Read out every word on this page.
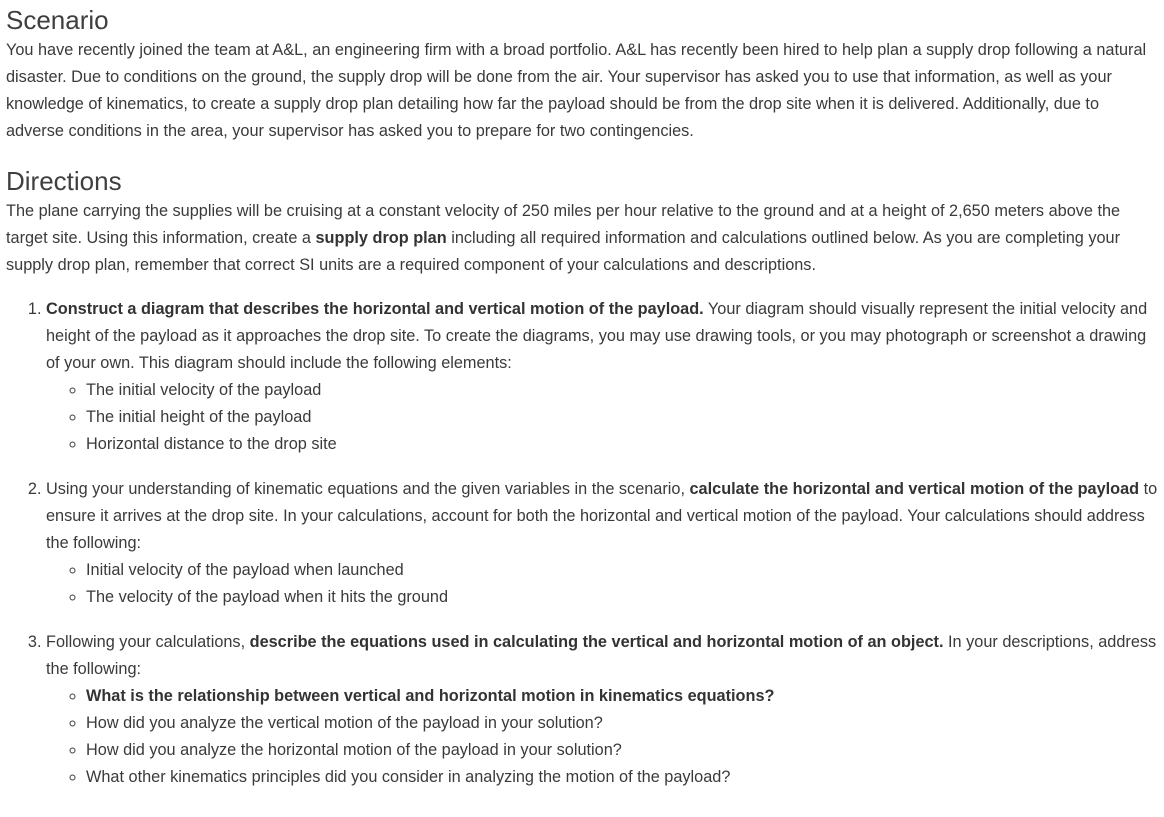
Scenario

You have recently joined the team at A&L, an engineering firm with a broad portfolio. A&L has recently been hired to help plan a supply drop following a natural disaster. Due to conditions on the ground, the supply drop will be done from the air. Your supervisor has asked you to use that information, as well as your knowledge of kinematics, to create a supply drop plan detailing how far the payload should be from the drop site when it is delivered. Additionally, due to adverse conditions in the area, your supervisor has asked you to prepare for two contingencies.

Directions

The plane carrying the supplies will be cruising at a constant velocity of 250 miles per hour relative to the ground and at a height of 2,650 meters above the target site. Using this information, create a supply drop plan including all required information and calculations outlined below. As you are completing your supply drop plan, remember that correct SI units are a required component of your calculations and descriptions.

1. Construct a diagram that describes the horizontal and vertical motion of the payload. Your diagram should visually represent the initial velocity and height of the payload as it approaches the drop site. To create the diagrams, you may use drawing tools, or you may photograph or screenshot a drawing of your own. This diagram should include the following elements:
◦ The initial velocity of the payload
◦ The initial height of the payload
◦ Horizontal distance to the drop site
2. Using your understanding of kinematic equations and the given variables in the scenario, calculate the horizontal and vertical motion of the payload to ensure it arrives at the drop site. In your calculations, account for both the horizontal and vertical motion of the payload. Your calculations should address the following:
◦ Initial velocity of the payload when launched
◦ The velocity of the payload when it hits the ground
3. Following your calculations, describe the equations used in calculating the vertical and horizontal motion of an object. In your descriptions, address the following:
◦ What is the relationship between vertical and horizontal motion in kinematics equations?
◦ How did you analyze the vertical motion of the payload in your solution?
◦ How did you analyze the horizontal motion of the payload in your solution?
◦ What other kinematics principles did you consider in analyzing the motion of the payload?
